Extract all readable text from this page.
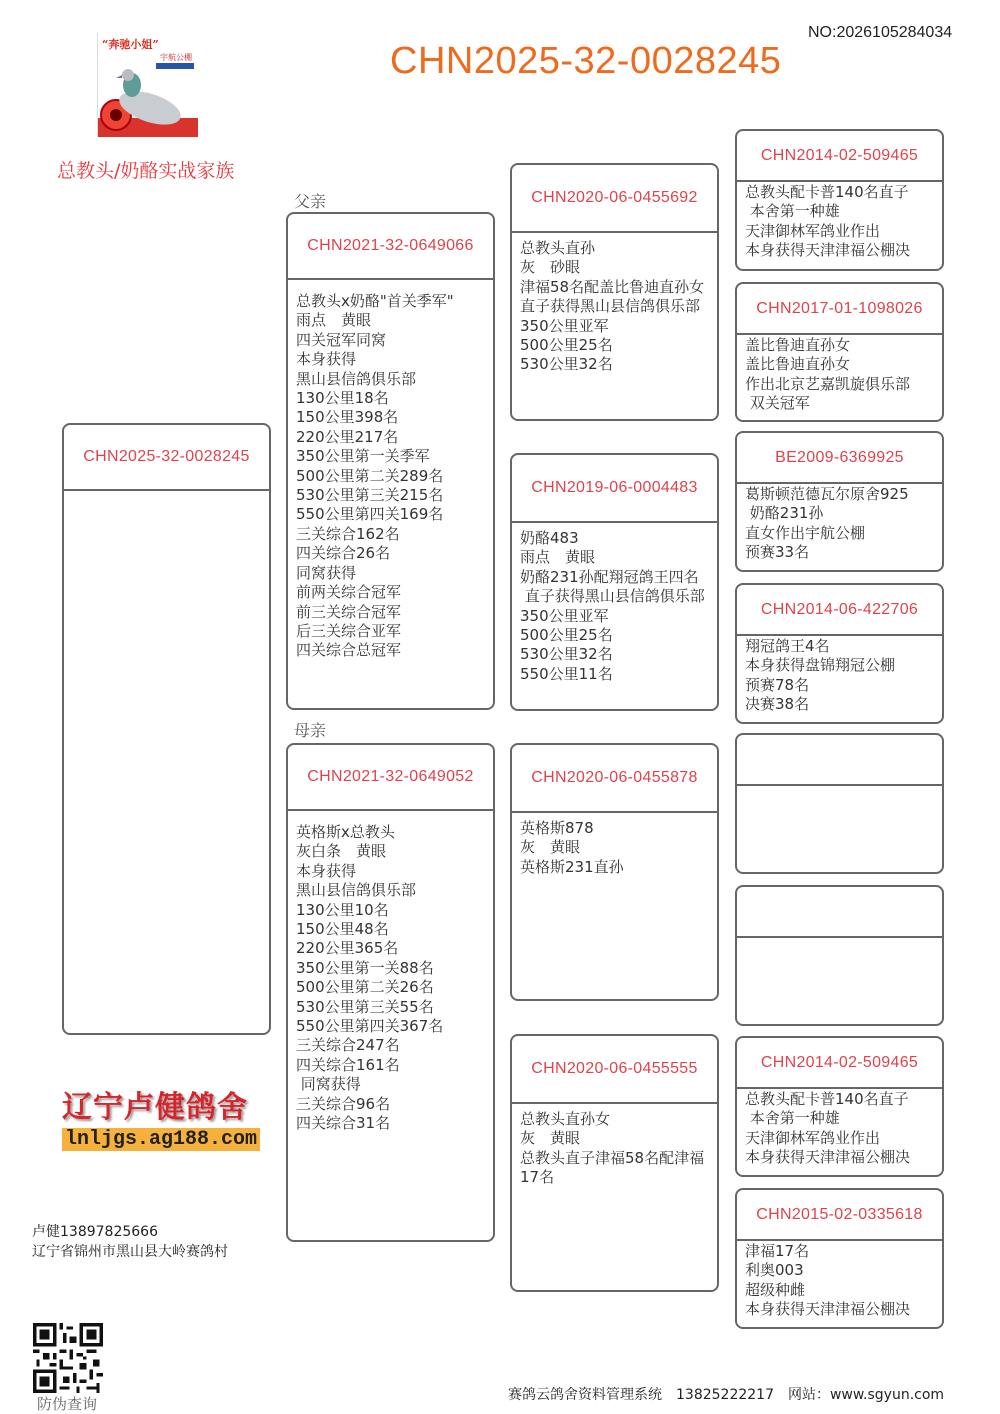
NO:2026105284034
CHN2025-32-0028245
“奔驰小姐”
宇航公棚
总教头/奶酪实战家族
父亲
母亲
CHN2025-32-0028245
CHN2021-32-0649066
总教头x奶酪"首关季军"
雨点　黄眼
四关冠军同窝
本身获得
黑山县信鸽俱乐部
130公里18名
150公里398名
220公里217名
350公里第一关季军
500公里第二关289名
530公里第三关215名
550公里第四关169名
三关综合162名
四关综合26名
同窝获得
前两关综合冠军
前三关综合冠军
后三关综合亚军
四关综合总冠军
CHN2021-32-0649052
英格斯x总教头
灰白条　黄眼
本身获得
黑山县信鸽俱乐部
130公里10名
150公里48名
220公里365名
350公里第一关88名
500公里第二关26名
530公里第三关55名
550公里第四关367名
三关综合247名
四关综合161名
同窝获得
三关综合96名
四关综合31名
CHN2020-06-0455692
总教头直孙
灰　砂眼
津福58名配盖比鲁迪直孙女
直子获得黑山县信鸽俱乐部
350公里亚军
500公里25名
530公里32名
CHN2019-06-0004483
奶酪483
雨点　黄眼
奶酪231孙配翔冠鸽王四名
直子获得黑山县信鸽俱乐部
350公里亚军
500公里25名
530公里32名
550公里11名
CHN2020-06-0455878
英格斯878
灰　黄眼
英格斯231直孙
CHN2020-06-0455555
总教头直孙女
灰　黄眼
总教头直子津福58名配津福17名
CHN2014-02-509465
总教头配卡普140名直子
本舍第一种雄
天津御林军鸽业作出
本身获得天津津福公棚决
CHN2017-01-1098026
盖比鲁迪直孙女
盖比鲁迪直孙女
作出北京艺嘉凯旋俱乐部
双关冠军
BE2009-6369925
葛斯顿范德瓦尔原舍925
奶酪231孙
直女作出宇航公棚
预赛33名
CHN2014-06-422706
翔冠鸽王4名
本身获得盘锦翔冠公棚
预赛78名
决赛38名
CHN2014-02-509465
总教头配卡普140名直子
本舍第一种雄
天津御林军鸽业作出
本身获得天津津福公棚决
CHN2015-02-0335618
津福17名
利奥003
超级种雌
本身获得天津津福公棚决
辽宁卢健鸽舍
lnljgs.ag188.com
卢健13897825666
辽宁省锦州市黑山县大岭赛鸽村
防伪查询	赛鸽云鸽舍资料管理系统　13825222217　网站：www.sgyun.com
